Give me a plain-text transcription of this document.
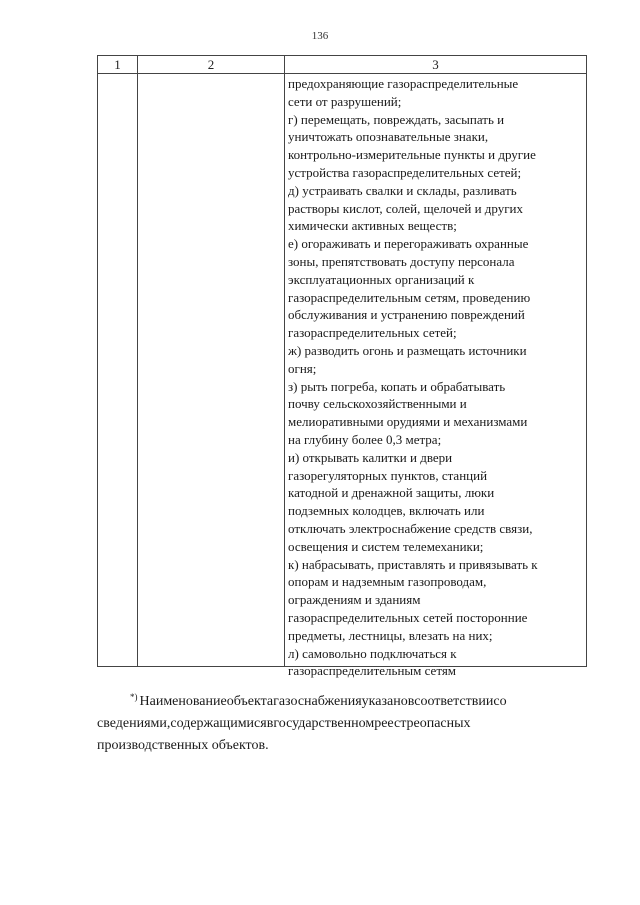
136
1	2	3
предохраняющие газораспределительные
сети от разрушений;
г) перемещать, повреждать, засыпать и
уничтожать опознавательные знаки,
контрольно-измерительные пункты и другие
устройства газораспределительных сетей;
д) устраивать свалки и склады, разливать
растворы кислот, солей, щелочей и других
химически активных веществ;
е) огораживать и перегораживать охранные
зоны, препятствовать доступу персонала
эксплуатационных организаций к
газораспределительным сетям, проведению
обслуживания и устранению повреждений
газораспределительных сетей;
ж) разводить огонь и размещать источники
огня;
з) рыть погреба, копать и обрабатывать
почву сельскохозяйственными и
мелиоративными орудиями и механизмами
на глубину более 0,3 метра;
и) открывать калитки и двери
газорегуляторных пунктов, станций
катодной и дренажной защиты, люки
подземных колодцев, включать или
отключать электроснабжение средств связи,
освещения и систем телемеханики;
к) набрасывать, приставлять и привязывать к
опорам и надземным газопроводам,
ограждениям и зданиям
газораспределительных сетей посторонние
предметы, лестницы, влезать на них;
л) самовольно подключаться к
газораспределительным сетям
*) Наименованиеобъектагазоснабженияуказановсоответствиисо
сведениями,содержащимисявгосударственномреестреопасных
производственных объектов.
